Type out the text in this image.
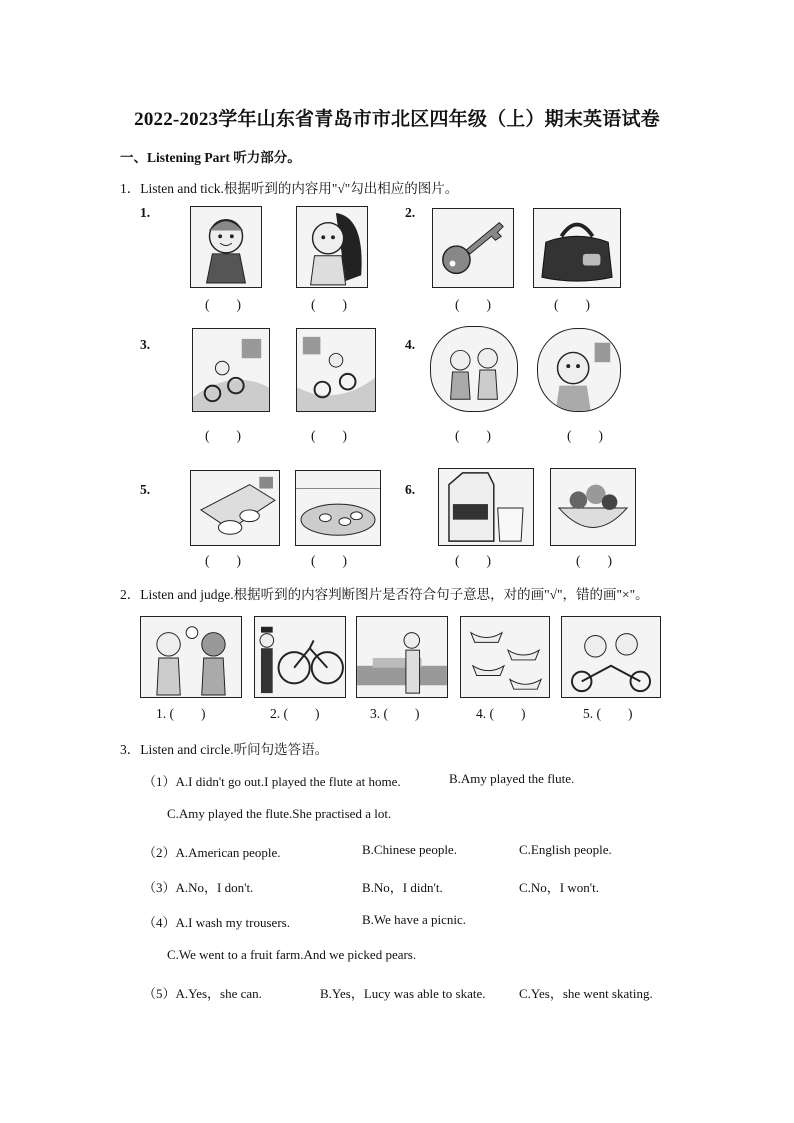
2022-2023学年山东省青岛市市北区四年级（上）期末英语试卷
一、Listening Part 听力部分。
1．Listen and tick.根据听到的内容用"√"勾出相应的图片。
1.
(        )	(        )
2.
(        )	(        )
3.
(        )	(        )
4.
(        )	(        )
5.
(        )	(        )
6.
(        )	(        )
2．Listen and judge.根据听到的内容判断图片是否符合句子意思，对的画"√"，错的画"×"。
1. (        )	2. (        )	3. (        )	4. (        )	5. (        )
3．Listen and circle.听问句选答语。
（1）A.I didn't go out.I played the flute at home.	B.Amy played the flute.
C.Amy played the flute.She practised a lot.
（2）A.American people.	B.Chinese people.	C.English people.
（3）A.No，I don't.	B.No，I didn't.	C.No，I won't.
（4）A.I wash my trousers.	B.We have a picnic.
C.We went to a fruit farm.And we picked pears.
（5）A.Yes，she can.	B.Yes，Lucy was able to skate.	C.Yes，she went skating.
